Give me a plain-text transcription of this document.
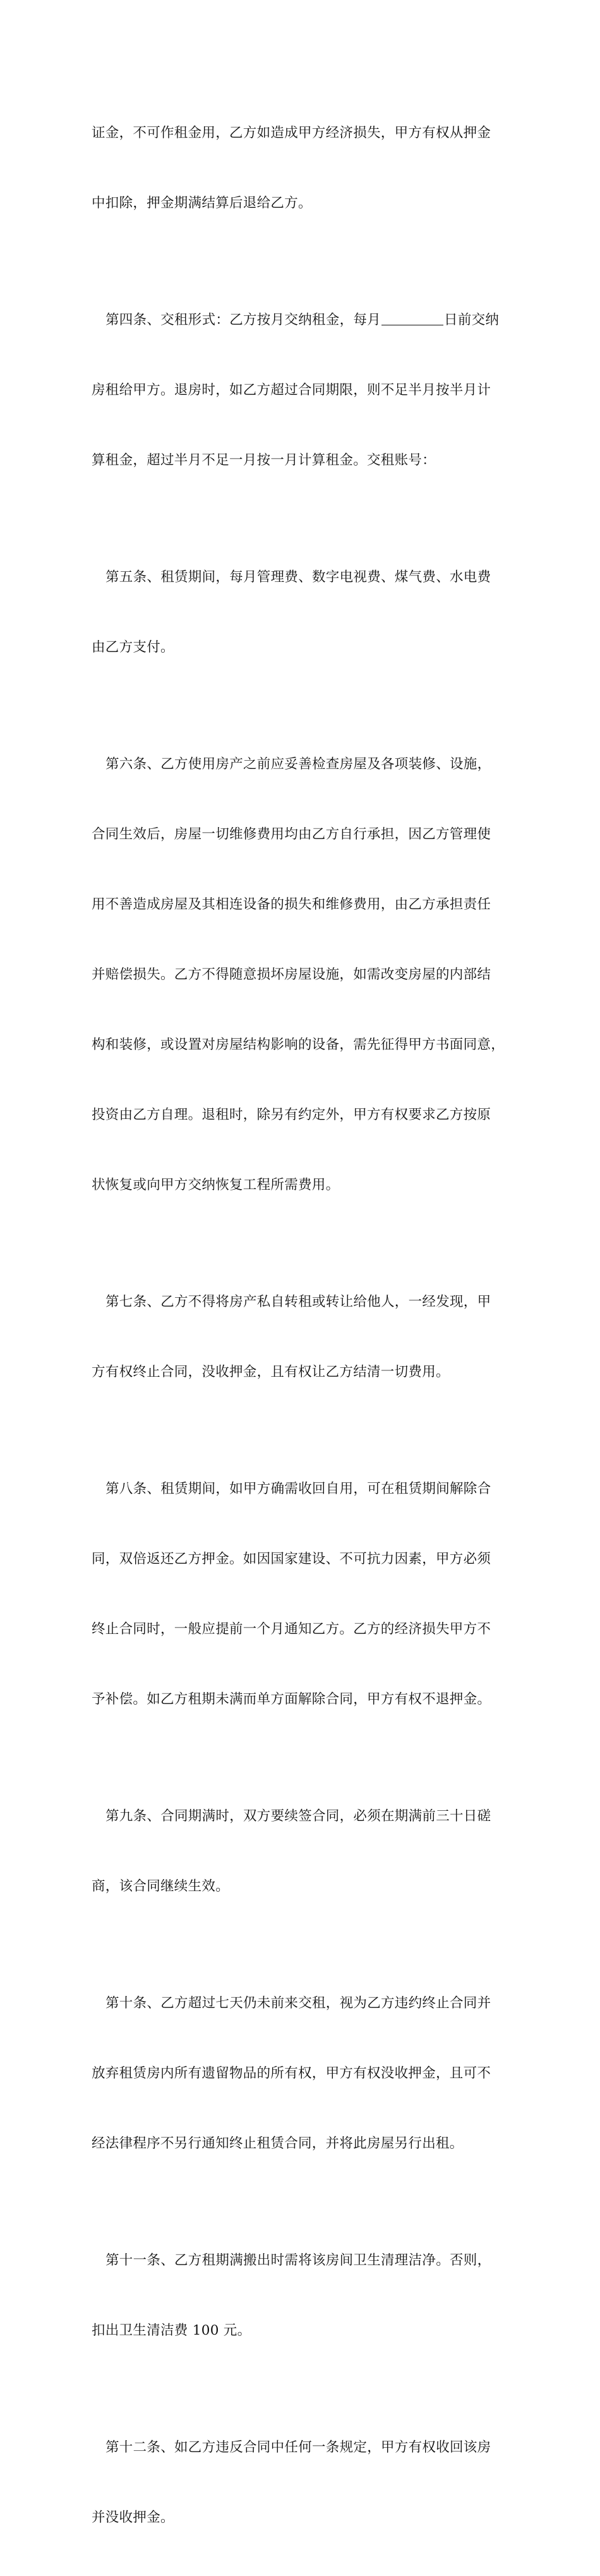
证金，不可作租金用，乙方如造成甲方经济损失，甲方有权从押金

中扣除，押金期满结算后退给乙方。

第四条、交租形式：乙方按月交纳租金，每月	日前交纳

房租给甲方。退房时，如乙方超过合同期限，则不足半月按半月计

算租金，超过半月不足一月按一月计算租金。交租账号：

第五条、租赁期间，每月管理费、数字电视费、煤气费、水电费

由乙方支付。

第六条、乙方使用房产之前应妥善检查房屋及各项装修、设施，

合同生效后，房屋一切维修费用均由乙方自行承担，因乙方管理使

用不善造成房屋及其相连设备的损失和维修费用，由乙方承担责任

并赔偿损失。乙方不得随意损坏房屋设施，如需改变房屋的内部结

构和装修，或设置对房屋结构影响的设备，需先征得甲方书面同意，

投资由乙方自理。退租时，除另有约定外，甲方有权要求乙方按原

状恢复或向甲方交纳恢复工程所需费用。

第七条、乙方不得将房产私自转租或转让给他人，一经发现，甲

方有权终止合同，没收押金，且有权让乙方结清一切费用。

第八条、租赁期间，如甲方确需收回自用，可在租赁期间解除合

同，双倍返还乙方押金。如因国家建设、不可抗力因素，甲方必须

终止合同时，一般应提前一个月通知乙方。乙方的经济损失甲方不

予补偿。如乙方租期未满而单方面解除合同，甲方有权不退押金。

第九条、合同期满时，双方要续签合同，必须在期满前三十日磋

商，该合同继续生效。

第十条、乙方超过七天仍未前来交租，视为乙方违约终止合同并

放弃租赁房内所有遗留物品的所有权，甲方有权没收押金，且可不

经法律程序不另行通知终止租赁合同，并将此房屋另行出租。

第十一条、乙方租期满搬出时需将该房间卫生清理洁净。否则，

扣出卫生清洁费 100 元。

第十二条、如乙方违反合同中任何一条规定，甲方有权收回该房

并没收押金。
